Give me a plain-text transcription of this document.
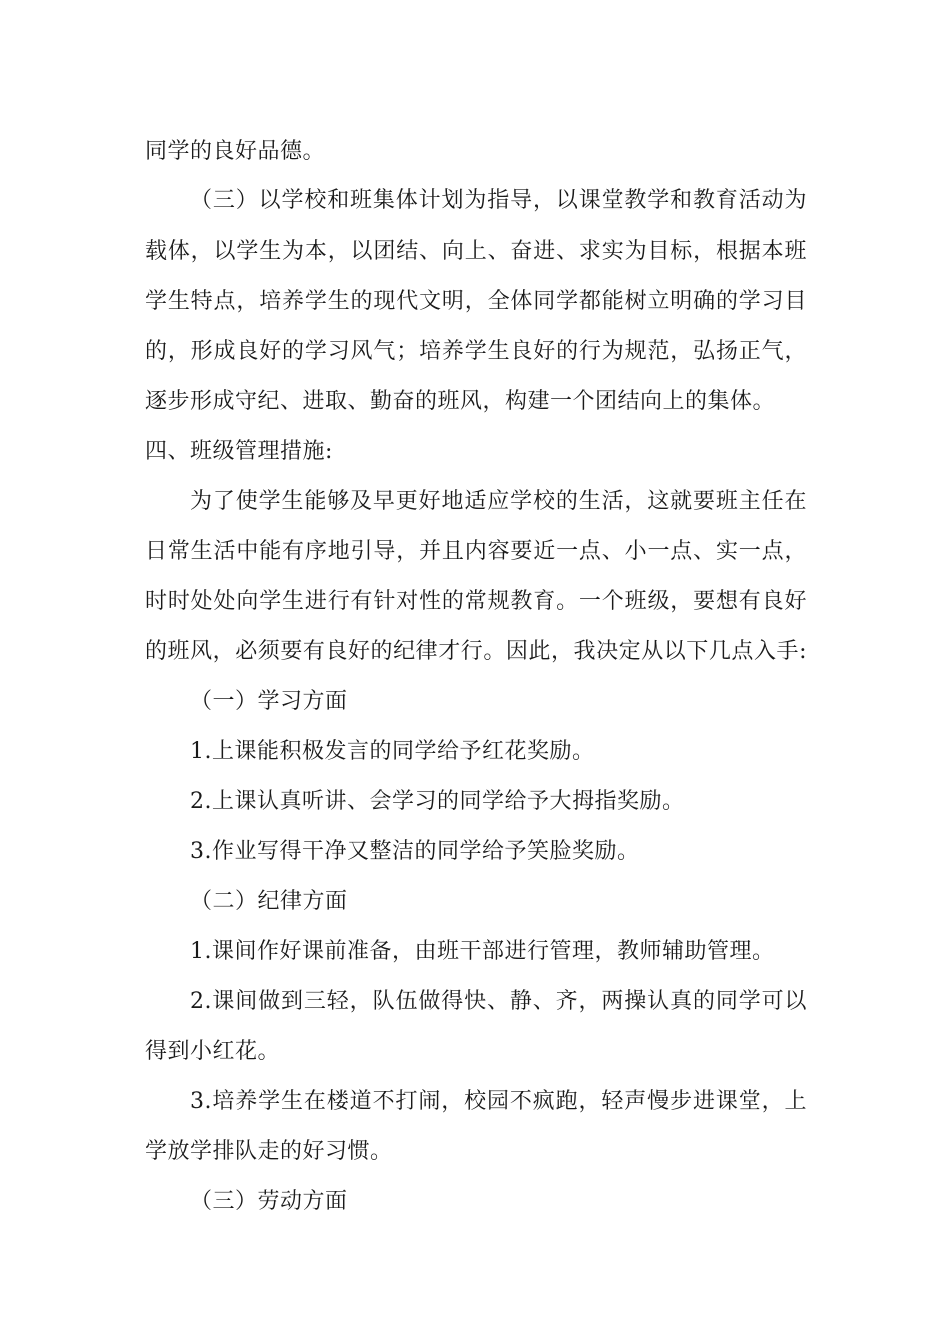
同学的良好品德。
（三）以学校和班集体计划为指导，以课堂教学和教育活动为
载体，以学生为本，以团结、向上、奋进、求实为目标，根据本班
学生特点，培养学生的现代文明，全体同学都能树立明确的学习目
的，形成良好的学习风气；培养学生良好的行为规范，弘扬正气，
逐步形成守纪、进取、勤奋的班风，构建一个团结向上的集体。
四、班级管理措施:
为了使学生能够及早更好地适应学校的生活，这就要班主任在
日常生活中能有序地引导，并且内容要近一点、小一点、实一点，
时时处处向学生进行有针对性的常规教育。一个班级，要想有良好
的班风，必须要有良好的纪律才行。因此，我决定从以下几点入手:
（一）学习方面
1.上课能积极发言的同学给予红花奖励。
2.上课认真听讲、会学习的同学给予大拇指奖励。
3.作业写得干净又整洁的同学给予笑脸奖励。
（二）纪律方面
1.课间作好课前准备，由班干部进行管理，教师辅助管理。
2.课间做到三轻，队伍做得快、静、齐，两操认真的同学可以
得到小红花。
3.培养学生在楼道不打闹，校园不疯跑，轻声慢步进课堂，上
学放学排队走的好习惯。
（三）劳动方面
